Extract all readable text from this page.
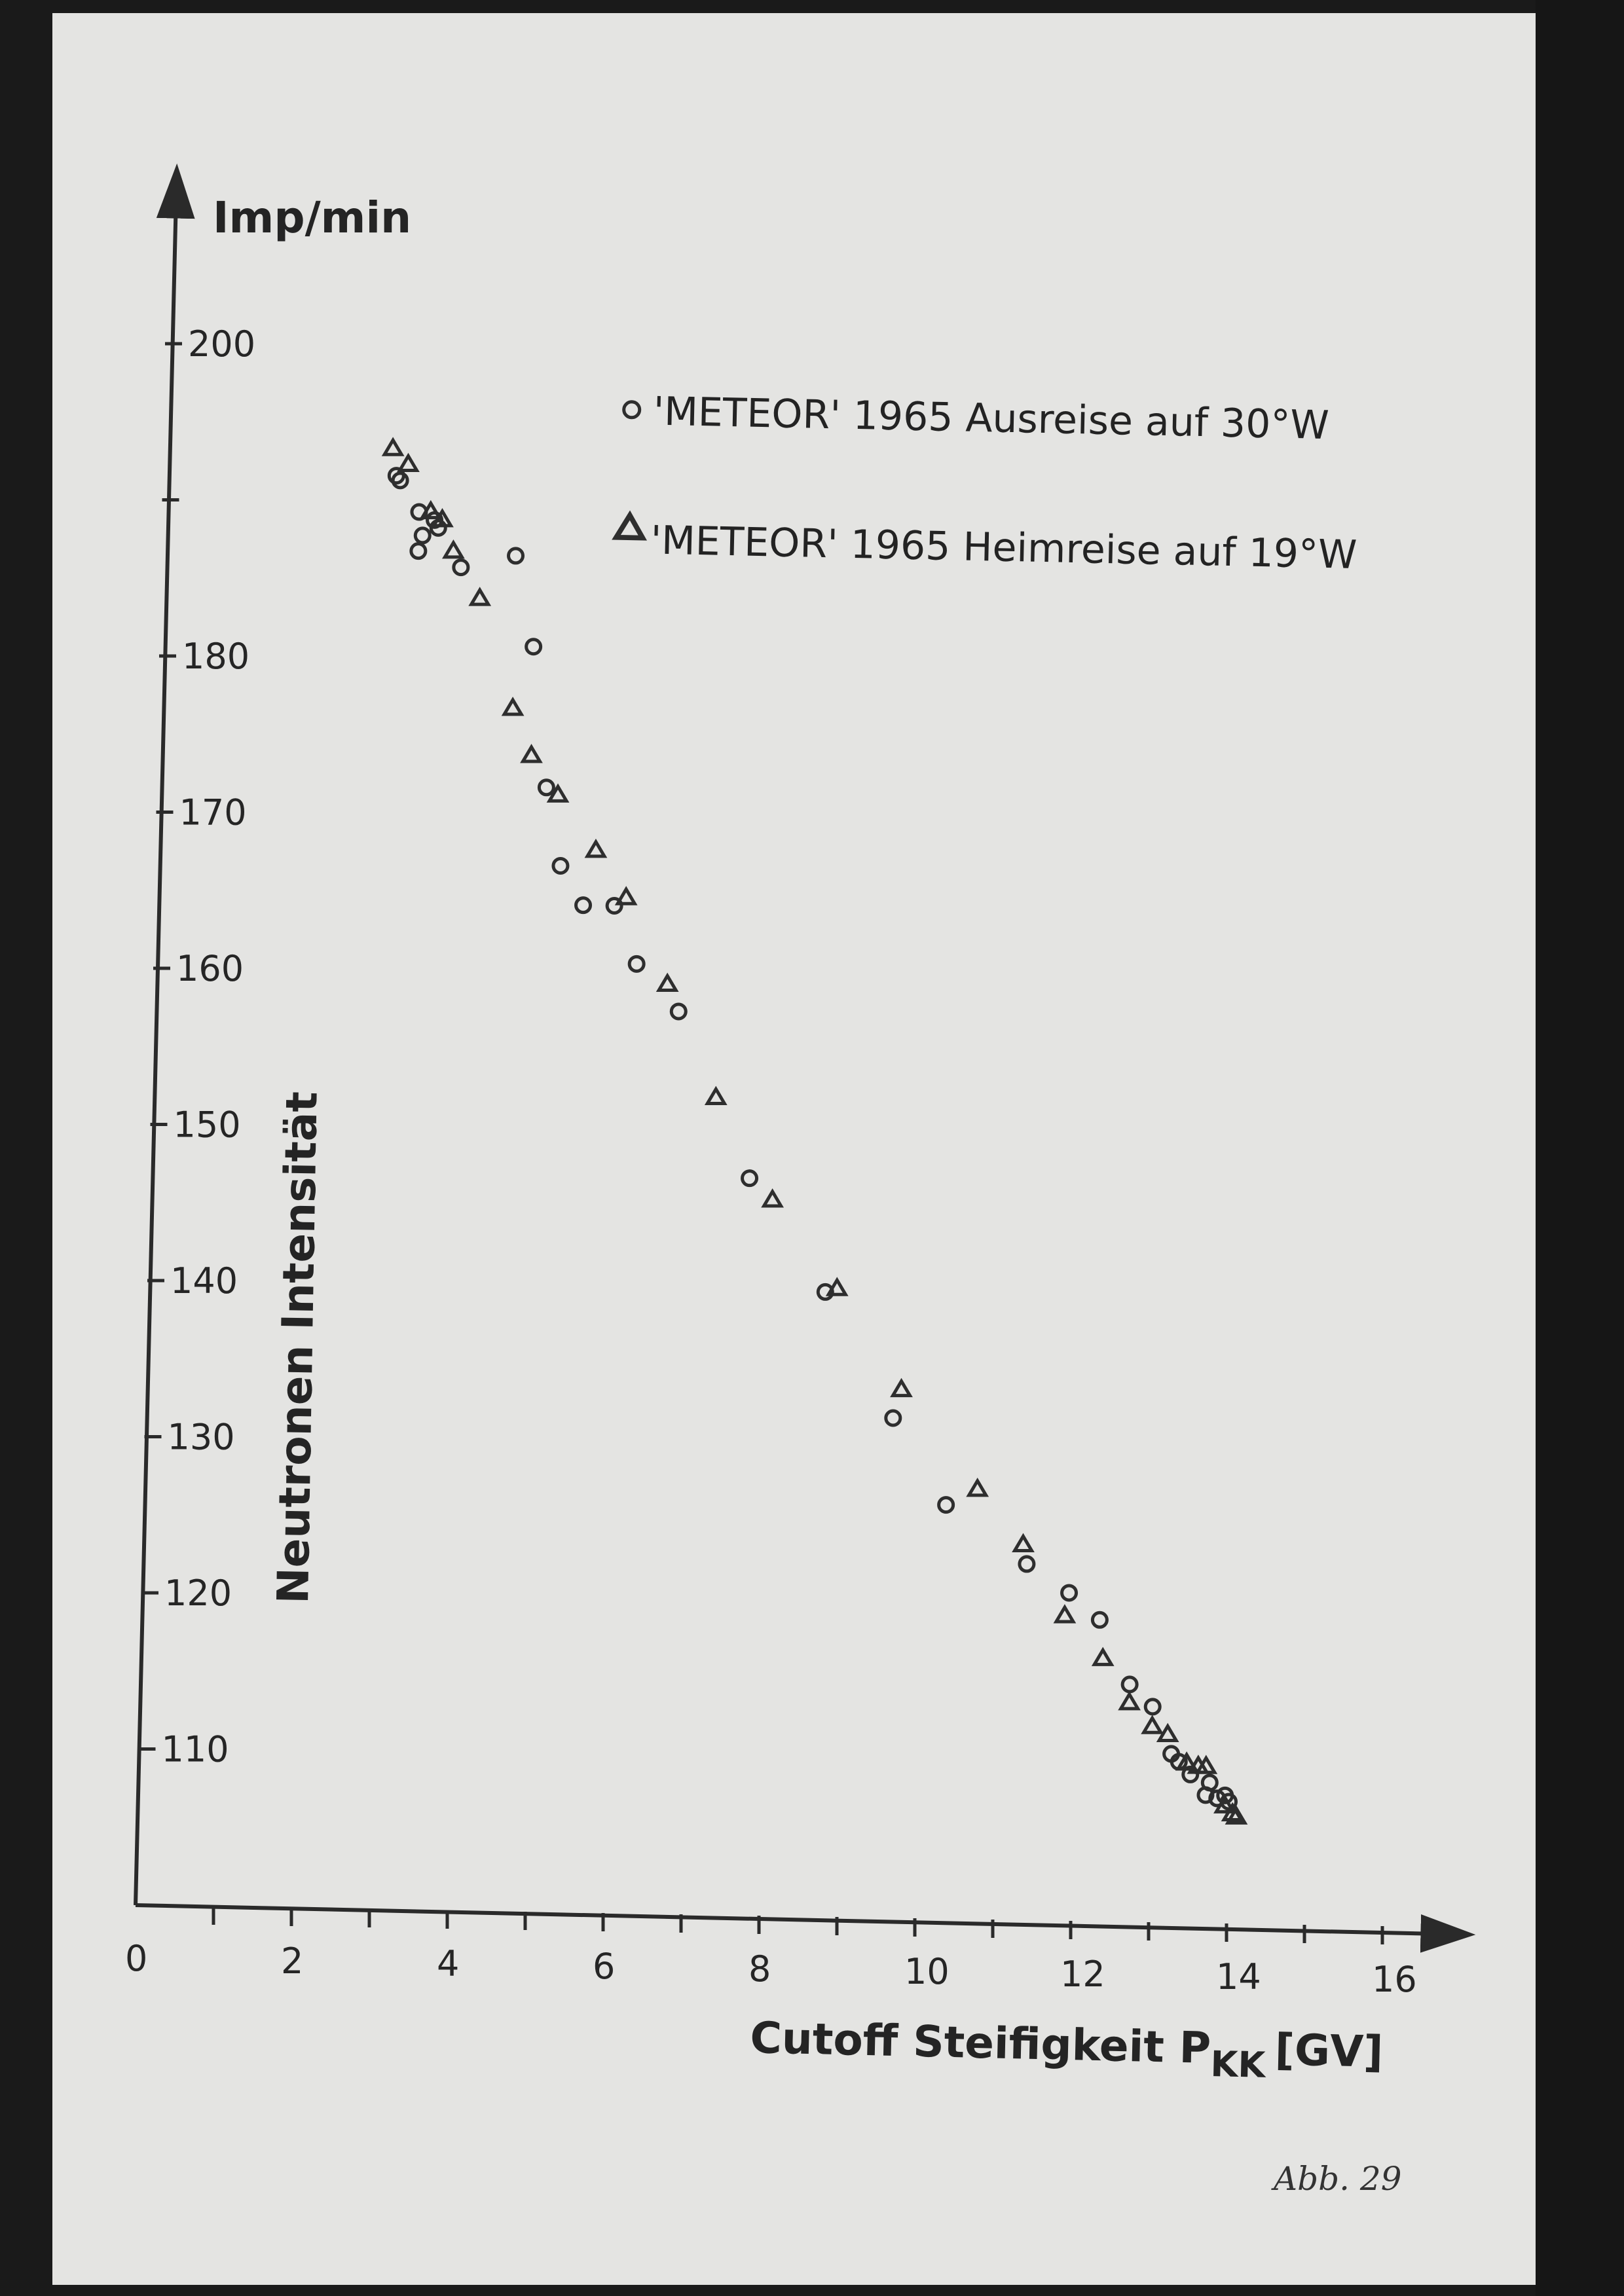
110
120
130
140
150
160
170
180
200
0	2	4	6	8	10	12	14	16
Imp/min
Neutronen Intensität
Cutoff Steifigkeit $P_{KK}$ [GV]
'METEOR' 1965 Ausreise auf 30°W
'METEOR' 1965 Heimreise auf 19°W
Abb. 29
